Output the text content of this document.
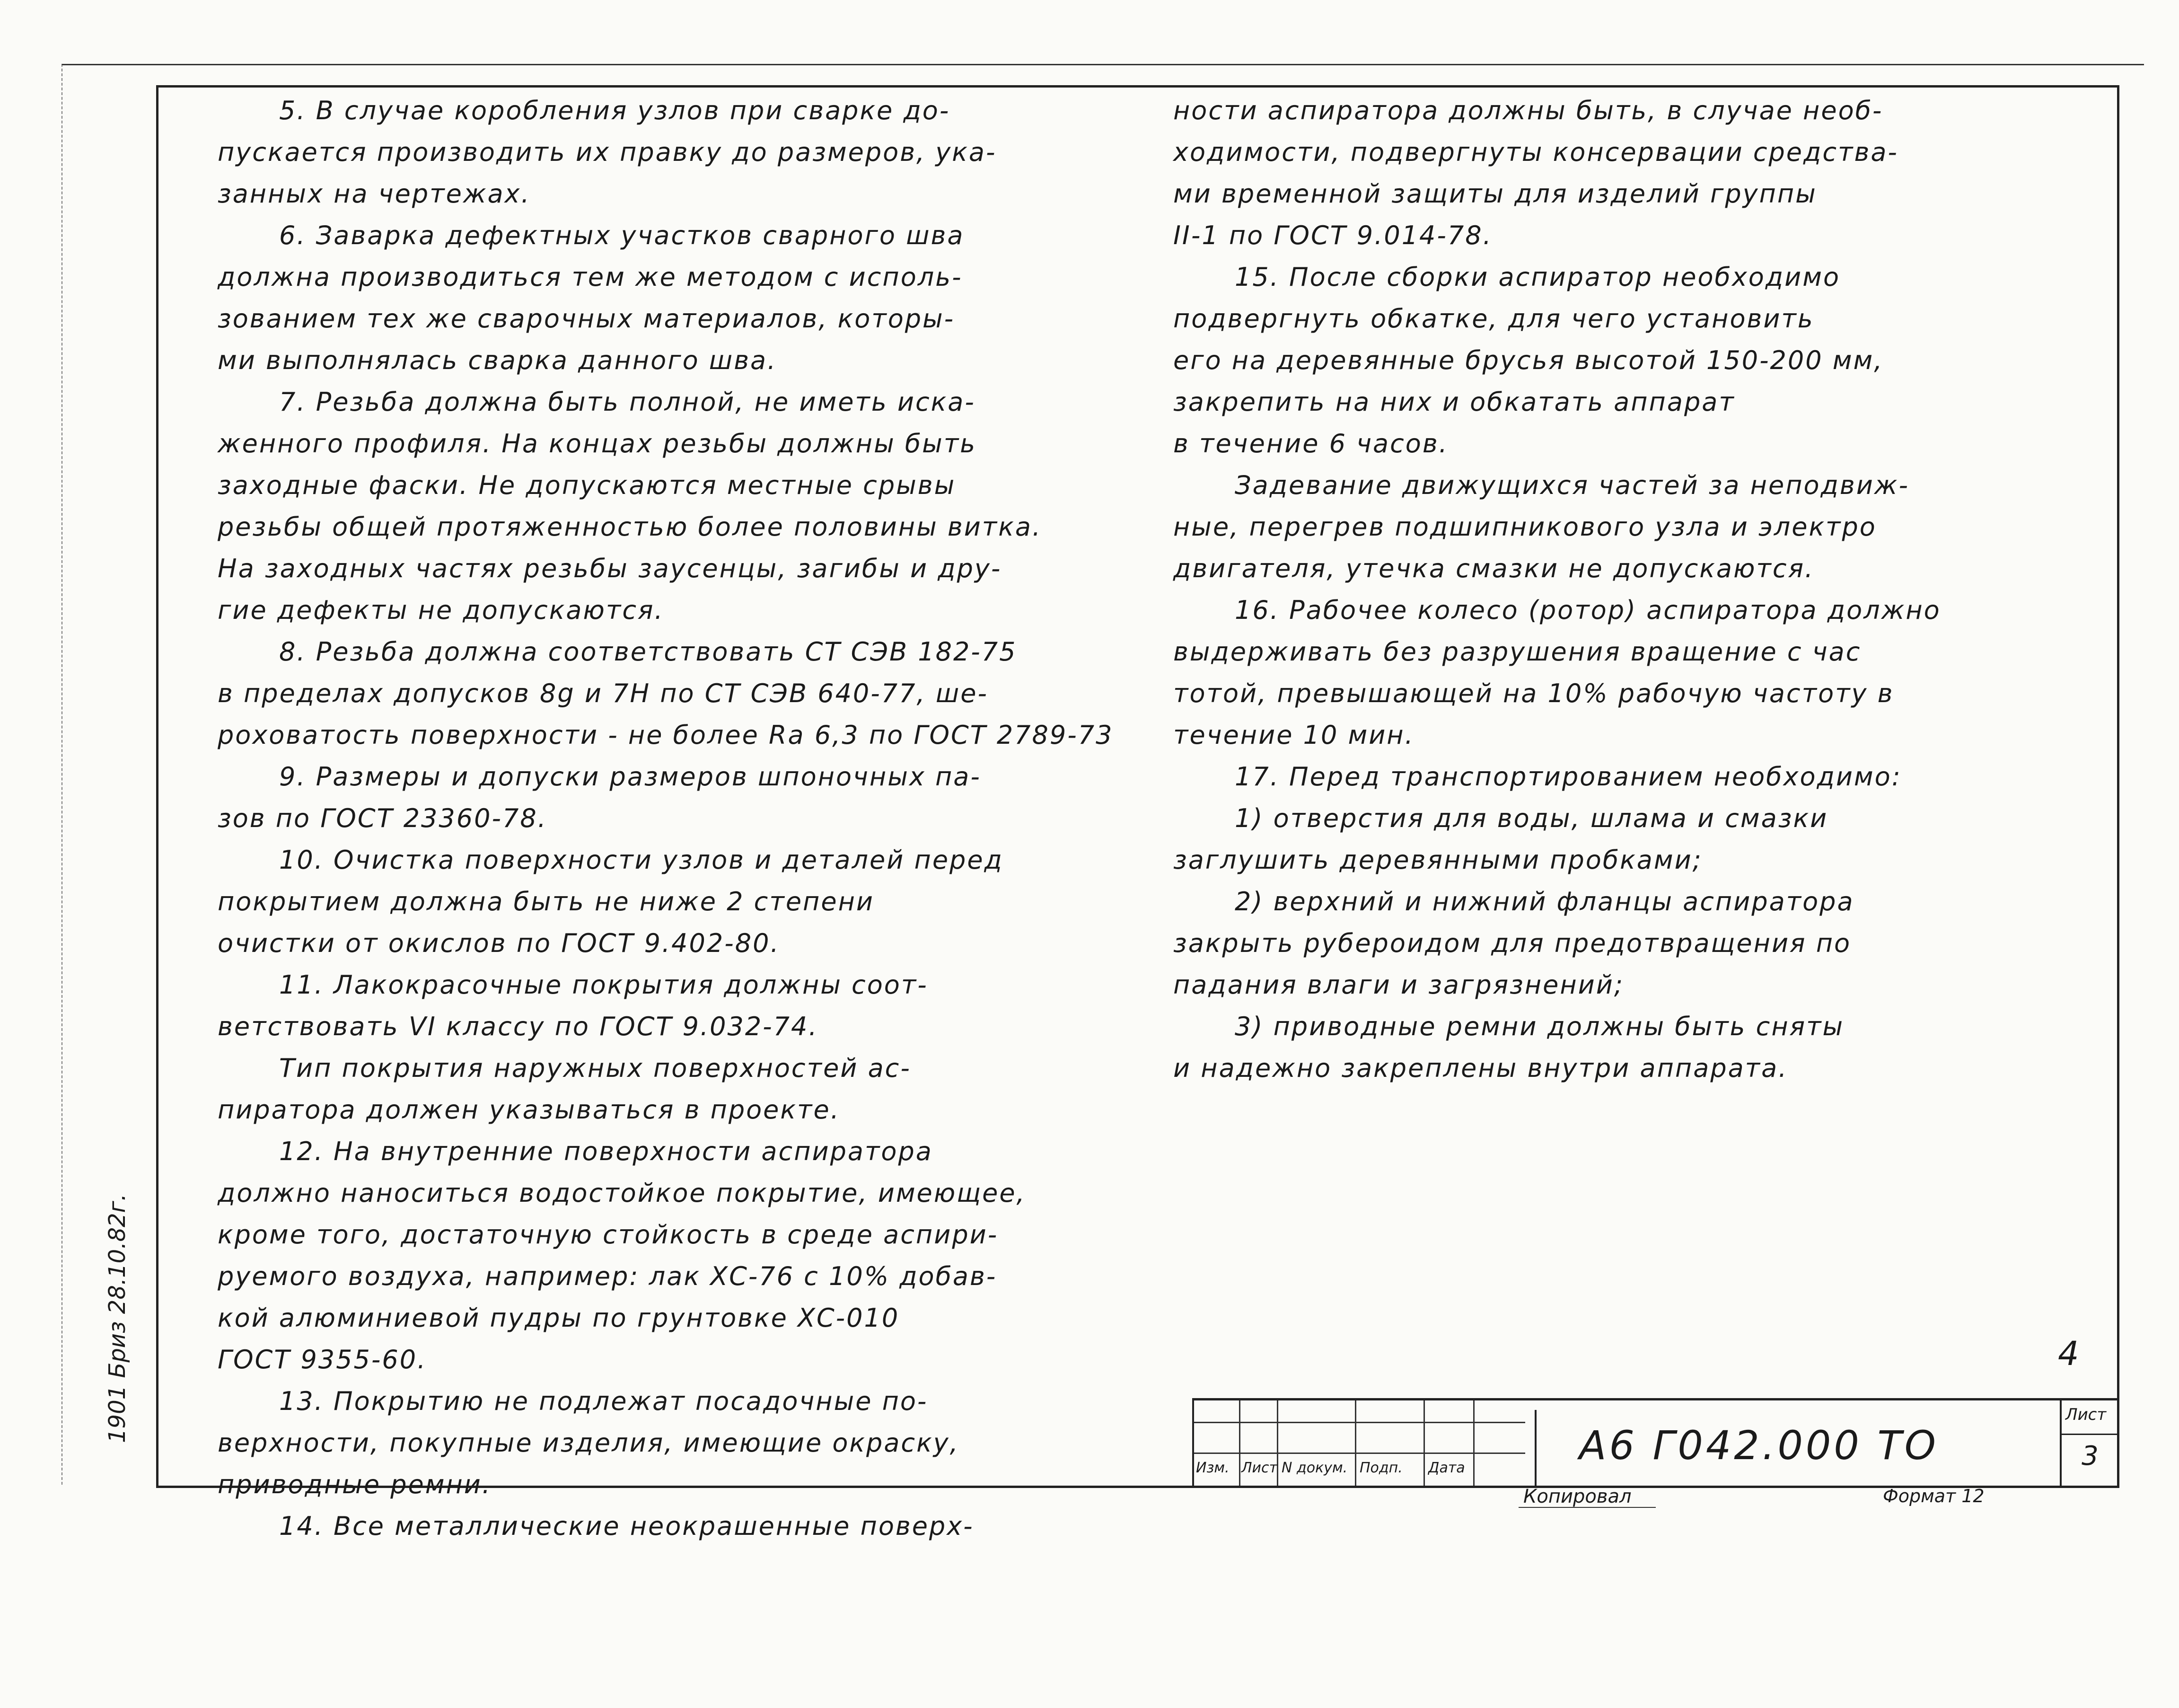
5. В случае коробления узлов при сварке до-

пускается производить их правку до размеров, ука-

занных на чертежах.

6. Заварка дефектных участков сварного шва

должна производиться тем же методом с исполь-

зованием тех же сварочных материалов, которы-

ми выполнялась сварка данного шва.

7. Резьба должна быть полной, не иметь иска-

женного профиля. На концах резьбы должны быть

заходные фаски. Не допускаются местные срывы

резьбы общей протяженностью более половины витка.

На заходных частях резьбы заусенцы, загибы и дру-

гие дефекты не допускаются.

8. Резьба должна соответствовать СТ СЭВ 182-75

в пределах допусков 8g и 7H по СТ СЭВ 640-77, ше-

роховатость поверхности - не более Ra 6,3 по ГОСТ 2789-73

9. Размеры и допуски размеров шпоночных па-

зов по ГОСТ 23360-78.

10. Очистка поверхности узлов и деталей перед

покрытием должна быть не ниже 2 степени

очистки от окислов по ГОСТ 9.402-80.

11. Лакокрасочные покрытия должны соот-

ветствовать VI классу по ГОСТ 9.032-74.

Тип покрытия наружных поверхностей ас-

пиратора должен указываться в проекте.

12. На внутренние поверхности аспиратора

должно наноситься водостойкое покрытие, имеющее,

кроме того, достаточную стойкость в среде аспири-

руемого воздуха, например: лак ХС-76 с 10% добав-

кой алюминиевой пудры по грунтовке ХС-010

ГОСТ 9355-60.

13. Покрытию не подлежат посадочные по-

верхности, покупные изделия, имеющие окраску,

приводные ремни.

14. Все металлические неокрашенные поверх-

ности аспиратора должны быть, в случае необ-

ходимости, подвергнуты консервации средства-

ми временной защиты для изделий группы

II-1 по ГОСТ 9.014-78.

15. После сборки аспиратор необходимо

подвергнуть обкатке, для чего установить

его на деревянные брусья высотой 150-200 мм,

закрепить на них и обкатать аппарат

в течение 6 часов.

Задевание движущихся частей за неподвиж-

ные, перегрев подшипникового узла и электро

двигателя, утечка смазки не допускаются.

16. Рабочее колесо (ротор) аспиратора должно

выдерживать без разрушения вращение с час

тотой, превышающей на 10% рабочую частоту в

течение 10 мин.

17. Перед транспортированием необходимо:

1) отверстия для воды, шлама и смазки

заглушить деревянными пробками;

2) верхний и нижний фланцы аспиратора

закрыть рубероидом для предотвращения по

падания влаги и загрязнений;

3) приводные ремни должны быть сняты

и надежно закреплены внутри аппарата.

1901 Бриз 28.10.82г.	4
Изм. Лист N докум. Подп. Дата	А6 Г042.000 ТО
Лист
3
Копировал	Формат 12
